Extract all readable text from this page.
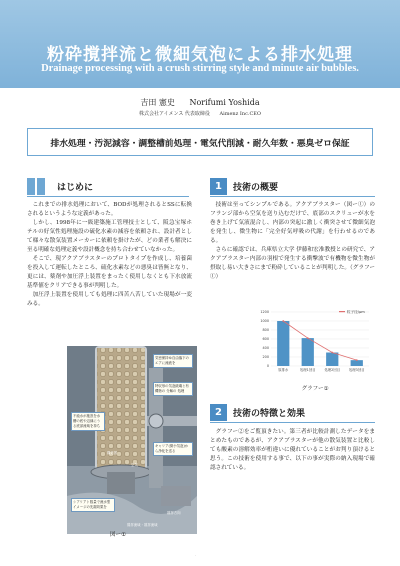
粉砕撹拌流と微細気泡による排水処理
Drainage processing with a crush stirring style and minute air bubbles.
吉田 憲史 Norifumi Yoshida
株式会社アイメンス 代表取締役 Aimenz Inc.CEO
排水処理・汚泥減容・調整槽前処理・電気代削減・耐久年数・悪臭ゼロ保証
はじめに

これまでの排水処理において、BODが処理されるとSSに転換されるというような定義があった。

しかし、1998年に一級建築施工管理技士として、阪急宝塚ホテルの好気性処理施設の硫化水素の減容を依頼され、設計者として様々な散気装置メーカーに依頼を掛けたが、どの業者も解決に至る明確な処理定義や設計概念を持ち合わせていなかった。

そこで、現アクアブラスターのプロトタイプを作成し、培養菌を投入して運転したところ、硫化水素などの悪臭は皆無となり、更には、薬剤や加圧浮上装置をまったく使用しなくとも下水放流基準値をクリアできる事が判明した。

加圧浮上装置を使用しても処理に四苦八苦していた現場が一変みる。

気密保持ゆ自由落下のエアに流液を
不純水が施設を水槽の底や辺縁にうる底部流域を持ち
特収形の気泡破壊と有機物の 分解の 処理
キャリア(微小気泡)から浄化を送る
シアリアト数量で流水型イメージの先端効果を
構造図
空気
攪拌流域・撹拌流域
撹拌方向
図ー①
1	技術の概要

技術は至ってシンプルである。アクアブラスター（図ー①）のフランジ部から空気を送り込むだけで、底部のスクリューが水を巻き上げて気液混合し、内部の突起に激しく衝突させて微細気泡を発生し、微生物に「完全好気呼吸の代謝」を行わせるのである。

さらに確認では、兵庫県立大学 伊藤和宏准教授との研究で、アクアブラスター内部の羽根で発生する衝撃波で有機物を微生物が摂取し易い大きさにまで粉砕していることが判明した。（グラフー①）

1200
1000
800
600
400
200
0
原排水	処理1回目	処理2回目	処理3回目
粒子径/μm
グラフー①
2	技術の特徴と効果

グラフー②をご覧頂きたい。第三者が比較計測したデータをまとめたものであるが、アクアブラスターが他の散気装置と比較しても酸素の溶解効率が桁違いに優れていることがお判り頂けると思う。この技術を使用する事で、以下の事が実際の納入現場で確認されている。

·
